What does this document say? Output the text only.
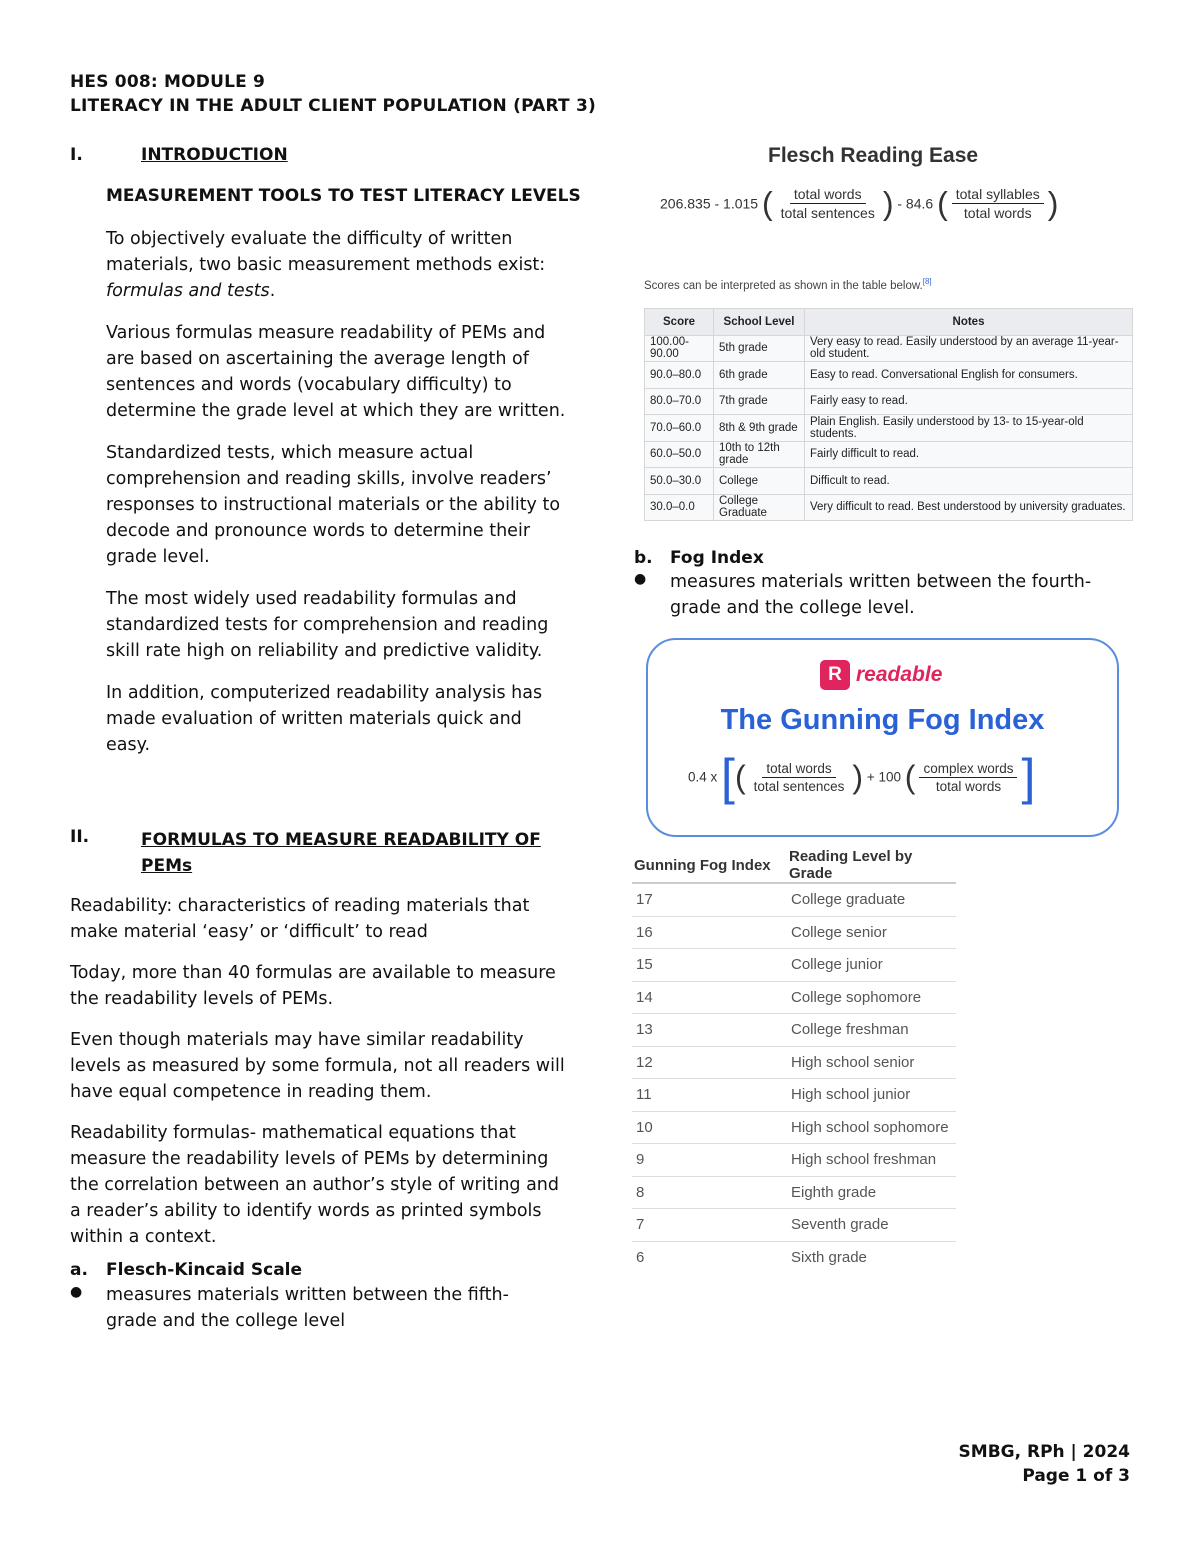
HES 008: MODULE 9
LITERACY IN THE ADULT CLIENT POPULATION (PART 3)
I.	INTRODUCTION
MEASUREMENT TOOLS TO TEST LITERACY LEVELS

To objectively evaluate the difficulty of written materials, two basic measurement methods exist: formulas and tests.

Various formulas measure readability of PEMs and are based on ascertaining the average length of sentences and words (vocabulary difficulty) to determine the grade level at which they are written.

Standardized tests, which measure actual comprehension and reading skills, involve readers’ responses to instructional materials or the ability to decode and pronounce words to determine their grade level.

The most widely used readability formulas and standardized tests for comprehension and reading skill rate high on reliability and predictive validity.

In addition, computerized readability analysis has made evaluation of written materials quick and easy.

II.	FORMULAS TO MEASURE READABILITY OF
PEMs

Readability: characteristics of reading materials that make material ‘easy’ or ‘difficult’ to read

Today, more than 40 formulas are available to measure the readability levels of PEMs.

Even though materials may have similar readability levels as measured by some formula, not all readers will have equal competence in reading them.

Readability formulas- mathematical equations that measure the readability levels of PEMs by determining the correlation between an author’s style of writing and a reader’s ability to identify words as printed symbols within a context.

a.	Flesch-Kincaid Scale
●	measures materials written between the fifth-grade and the college level
Flesch Reading Ease
206.835 - 1.015 ( $\frac{\text{total words}}{\text{total sentences}}$ ) - 84.6 ( $\frac{\text{total syllables}}{\text{total words}}$ )
Scores can be interpreted as shown in the table below.[8]
Score	School Level	Notes
100.00-90.00	5th grade	Very easy to read. Easily understood by an average 11-year-old student.
90.0–80.0	6th grade	Easy to read. Conversational English for consumers.
80.0–70.0	7th grade	Fairly easy to read.
70.0–60.0	8th & 9th grade	Plain English. Easily understood by 13- to 15-year-old students.
60.0–50.0	10th to 12th grade	Fairly difficult to read.
50.0–30.0	College	Difficult to read.
30.0–0.0	College Graduate	Very difficult to read. Best understood by university graduates.
b.	Fog Index
●	measures materials written between the fourth-grade and the college level.
R readable
The Gunning Fog Index
0.4 x [( $\frac{\text{total words}}{\text{total sentences}}$ ) + 100 ( $\frac{\text{complex words}}{\text{total words}}$ ]
Gunning Fog Index	Reading Level by Grade
17	College graduate
16	College senior
15	College junior
14	College sophomore
13	College freshman
12	High school senior
11	High school junior
10	High school sophomore
9	High school freshman
8	Eighth grade
7	Seventh grade
6	Sixth grade
SMBG, RPh | 2024
Page 1 of 3
